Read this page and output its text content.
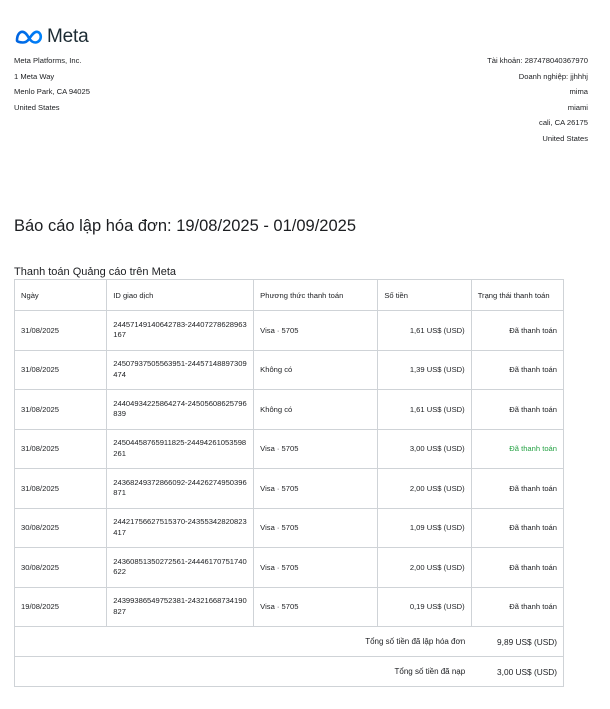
Meta
Meta Platforms, Inc.
1 Meta Way
Menlo Park, CA 94025
United States
Tài khoản: 287478040367970
Doanh nghiệp: jjhhhj
mima
miami
cali, CA 26175
United States
Báo cáo lập hóa đơn: 19/08/2025 - 01/09/2025
Thanh toán Quảng cáo trên Meta
Ngày	ID giao dịch	Phương thức thanh toán	Số tiền	Trạng thái thanh toán
31/08/2025	24457149140642783-24407278628963167	Visa · 5705	1,61 US$ (USD)	Đã thanh toán
31/08/2025	24507937505563951-24457148897309474	Không có	1,39 US$ (USD)	Đã thanh toán
31/08/2025	24404934225864274-24505608625796839	Không có	1,61 US$ (USD)	Đã thanh toán
31/08/2025	24504458765911825-24494261053598261	Visa · 5705	3,00 US$ (USD)	Đã thanh toán
31/08/2025	24368249372866092-24426274950396871	Visa · 5705	2,00 US$ (USD)	Đã thanh toán
30/08/2025	24421756627515370-24355342820823417	Visa · 5705	1,09 US$ (USD)	Đã thanh toán
30/08/2025	24360851350272561-24446170751740622	Visa · 5705	2,00 US$ (USD)	Đã thanh toán
19/08/2025	24399386549752381-24321668734190827	Visa · 5705	0,19 US$ (USD)	Đã thanh toán
Tổng số tiền đã lập hóa đơn				9,89 US$ (USD)
Tổng số tiền đã nạp				3,00 US$ (USD)
